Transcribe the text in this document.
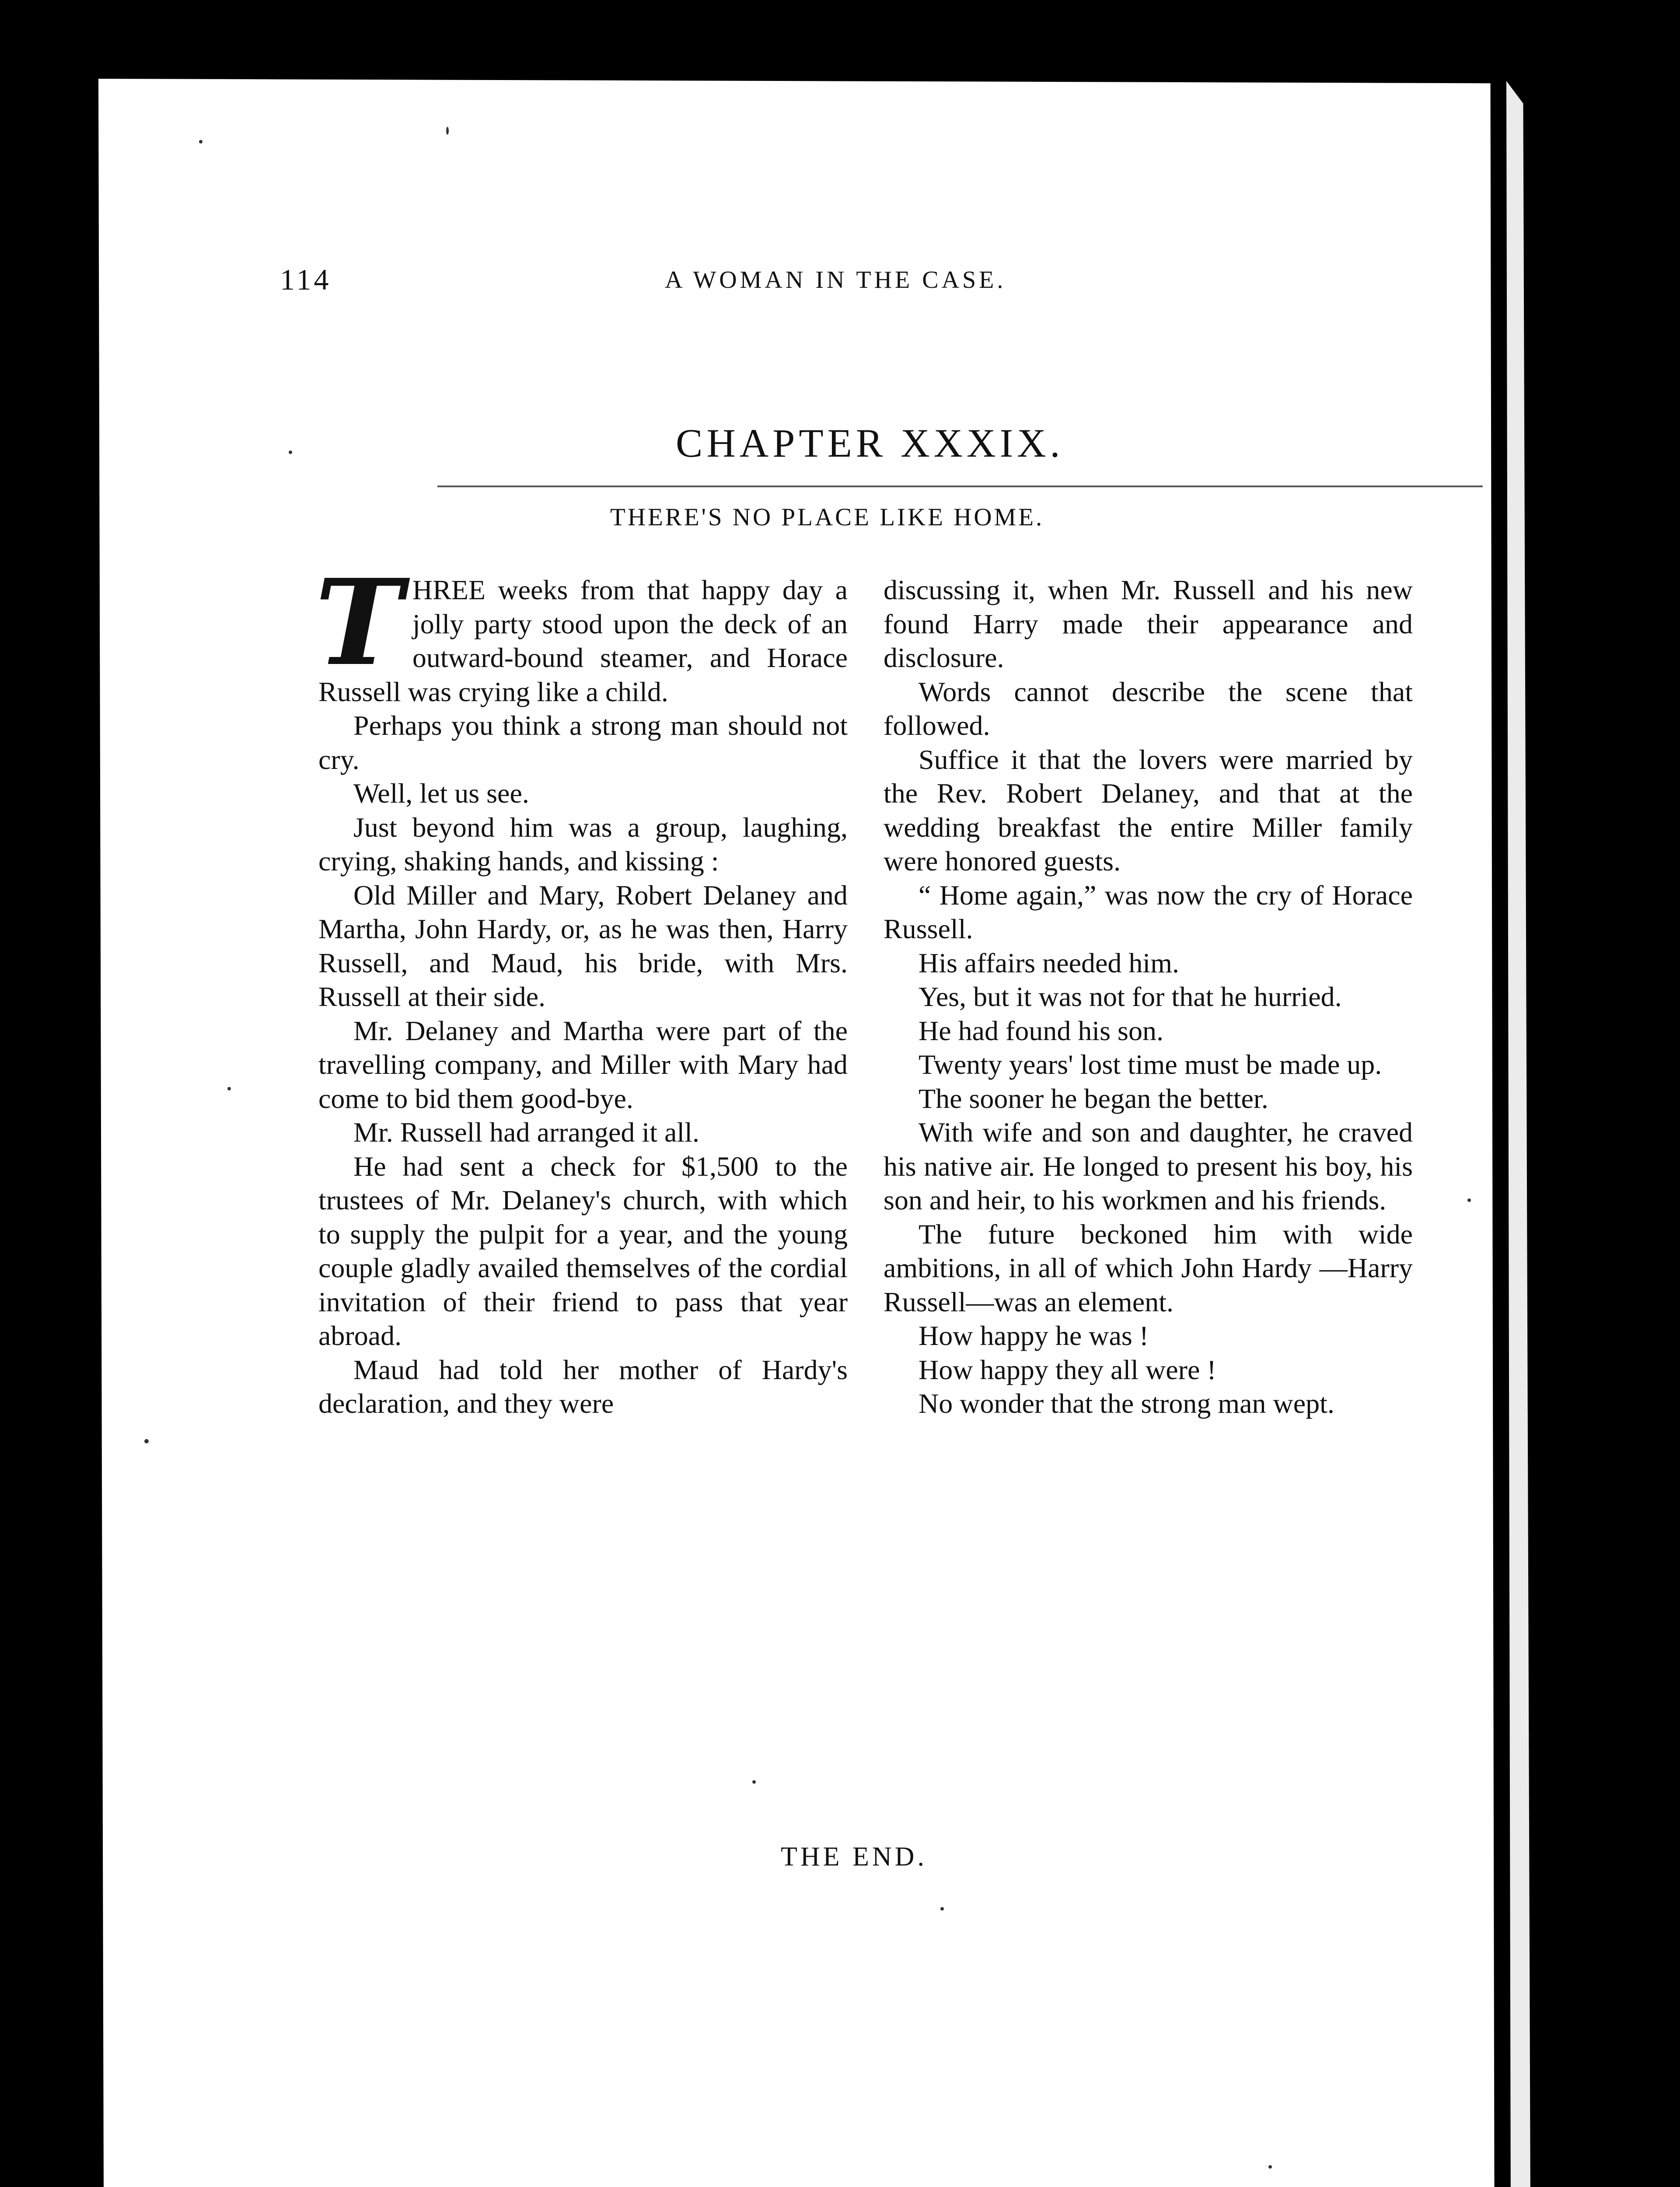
114	A WOMAN IN THE CASE.
CHAPTER XXXIX.
THERE'S NO PLACE LIKE HOME.

THREE weeks from that happy day a jolly party stood upon the deck of an outward-bound steamer, and Horace Russell was crying like a child.

Perhaps you think a strong man should not cry.

Well, let us see.

Just beyond him was a group, laughing, crying, shaking hands, and kissing :

Old Miller and Mary, Robert Delaney and Martha, John Hardy, or, as he was then, Harry Russell, and Maud, his bride, with Mrs. Russell at their side.

Mr. Delaney and Martha were part of the travelling company, and Miller with Mary had come to bid them good-bye.

Mr. Russell had arranged it all.

He had sent a check for $1,500 to the trustees of Mr. Delaney's church, with which to supply the pulpit for a year, and the young couple gladly availed themselves of the cordial invitation of their friend to pass that year abroad.

Maud had told her mother of Hardy's declaration, and they were

discussing it, when Mr. Russell and his new found Harry made their appearance and disclosure.

Words cannot describe the scene that followed.

Suffice it that the lovers were married by the Rev. Robert Delaney, and that at the wedding breakfast the entire Miller family were honored guests.

“ Home again,” was now the cry of Horace Russell.

His affairs needed him.

Yes, but it was not for that he hurried.

He had found his son.

Twenty years' lost time must be made up.

The sooner he began the better.

With wife and son and daughter, he craved his native air. He longed to present his boy, his son and heir, to his workmen and his friends.

The future beckoned him with wide ambitions, in all of which John Hardy —Harry Russell—was an element.

How happy he was !

How happy they all were !

No wonder that the strong man wept.

THE END.
